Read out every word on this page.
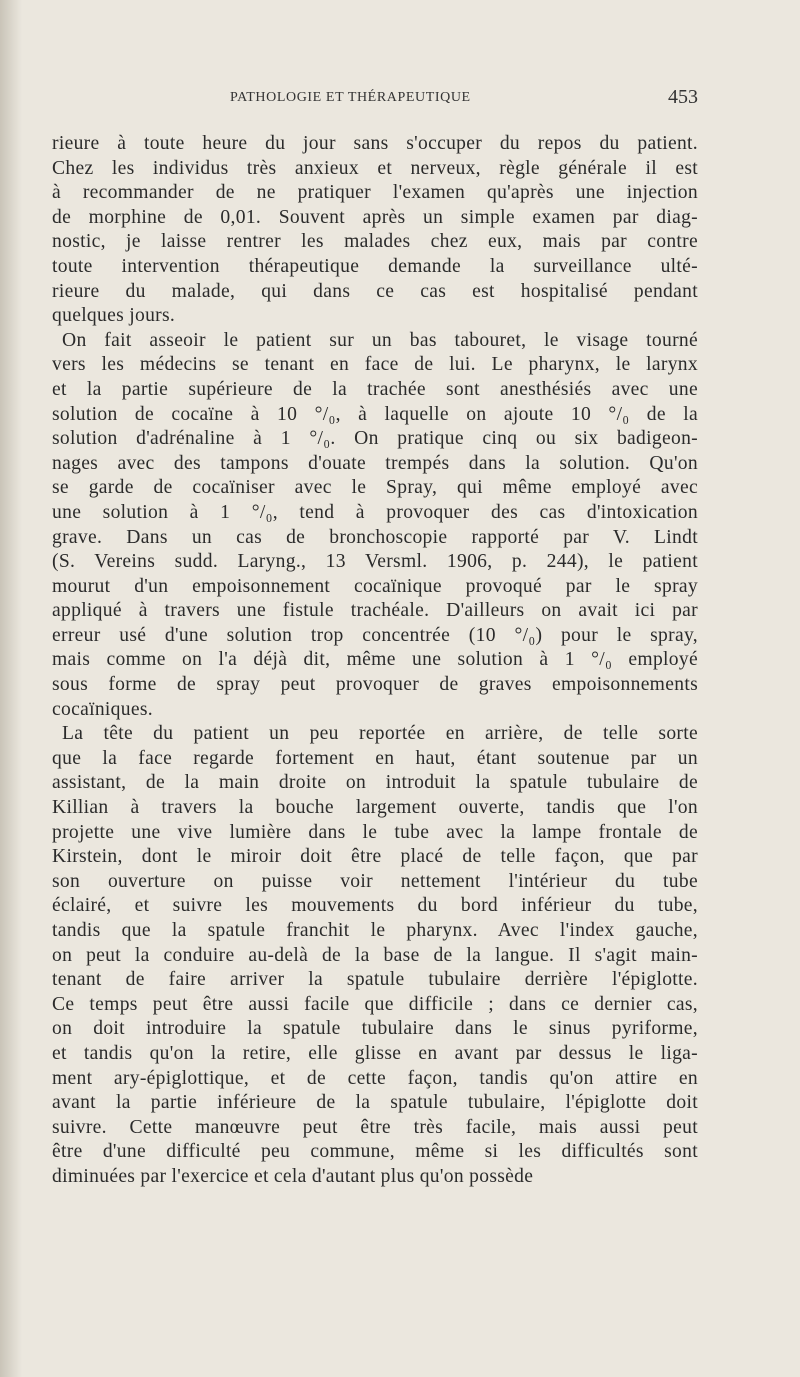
PATHOLOGIE ET THÉRAPEUTIQUE	453
rieure à toute heure du jour sans s'occuper du repos du patient.
Chez les individus très anxieux et nerveux, règle générale il est
à recommander de ne pratiquer l'examen qu'après une injection
de morphine de 0,01. Souvent après un simple examen par diag-
nostic, je laisse rentrer les malades chez eux, mais par contre
toute intervention thérapeutique demande la surveillance ulté-
rieure du malade, qui dans ce cas est hospitalisé pendant
quelques jours.
On fait asseoir le patient sur un bas tabouret, le visage tourné
vers les médecins se tenant en face de lui. Le pharynx, le larynx
et la partie supérieure de la trachée sont anesthésiés avec une
solution de cocaïne à 10 °/₀, à laquelle on ajoute 10 °/₀ de la
solution d'adrénaline à 1 °/₀. On pratique cinq ou six badigeon-
nages avec des tampons d'ouate trempés dans la solution. Qu'on
se garde de cocaïniser avec le Spray, qui même employé avec
une solution à 1 °/₀, tend à provoquer des cas d'intoxication
grave. Dans un cas de bronchoscopie rapporté par V. Lindt
(S. Vereins sudd. Laryng., 13 Versml. 1906, p. 244), le patient
mourut d'un empoisonnement cocaïnique provoqué par le spray
appliqué à travers une fistule trachéale. D'ailleurs on avait ici par
erreur usé d'une solution trop concentrée (10 °/₀) pour le spray,
mais comme on l'a déjà dit, même une solution à 1 °/₀ employé
sous forme de spray peut provoquer de graves empoisonnements
cocaïniques.
La tête du patient un peu reportée en arrière, de telle sorte
que la face regarde fortement en haut, étant soutenue par un
assistant, de la main droite on introduit la spatule tubulaire de
Killian à travers la bouche largement ouverte, tandis que l'on
projette une vive lumière dans le tube avec la lampe frontale de
Kirstein, dont le miroir doit être placé de telle façon, que par
son ouverture on puisse voir nettement l'intérieur du tube
éclairé, et suivre les mouvements du bord inférieur du tube,
tandis que la spatule franchit le pharynx. Avec l'index gauche,
on peut la conduire au-delà de la base de la langue. Il s'agit main-
tenant de faire arriver la spatule tubulaire derrière l'épiglotte.
Ce temps peut être aussi facile que difficile ; dans ce dernier cas,
on doit introduire la spatule tubulaire dans le sinus pyriforme,
et tandis qu'on la retire, elle glisse en avant par dessus le liga-
ment ary-épiglottique, et de cette façon, tandis qu'on attire en
avant la partie inférieure de la spatule tubulaire, l'épiglotte doit
suivre. Cette manœuvre peut être très facile, mais aussi peut
être d'une difficulté peu commune, même si les difficultés sont
diminuées par l'exercice et cela d'autant plus qu'on possède
